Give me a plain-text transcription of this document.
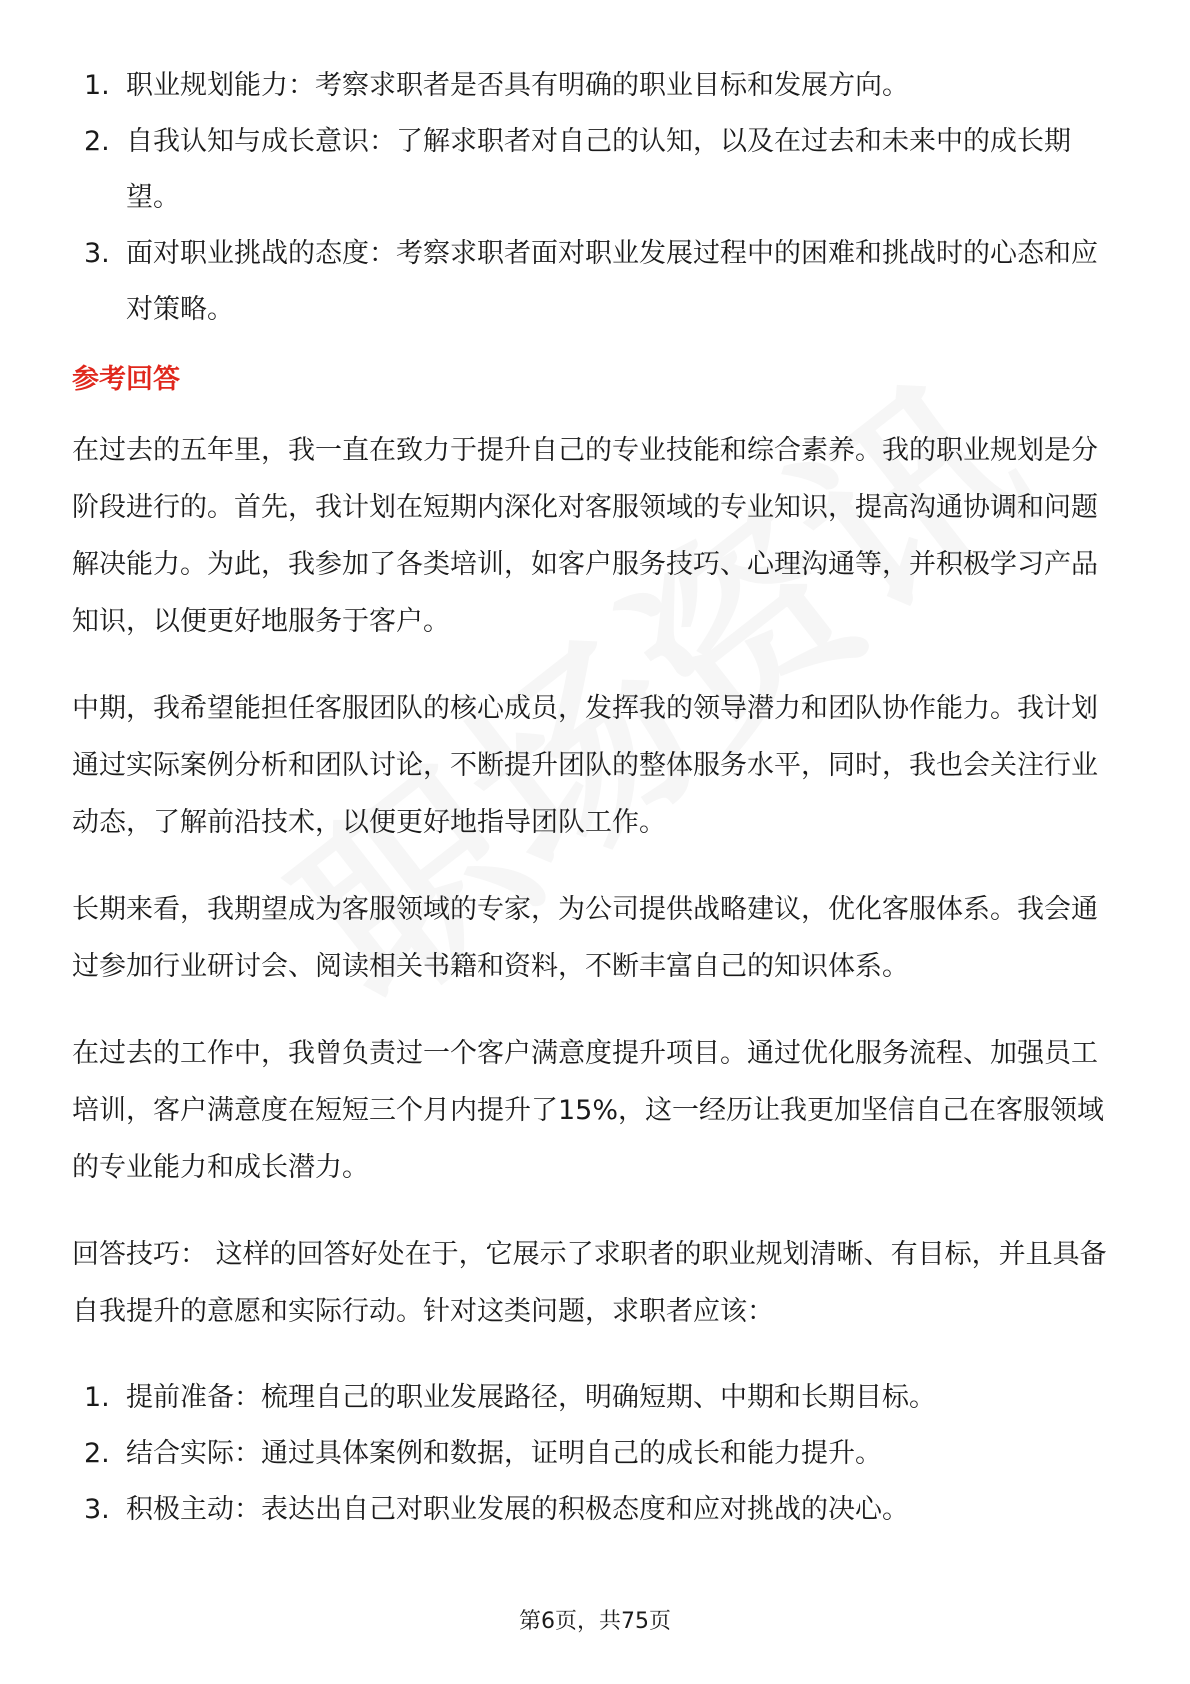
1. 职业规划能力：考察求职者是否具有明确的职业目标和发展方向。
2. 自我认知与成长意识：了解求职者对自己的认知，以及在过去和未来中的成长期望。
3. 面对职业挑战的态度：考察求职者面对职业发展过程中的困难和挑战时的心态和应对策略。
参考回答

在过去的五年里，我一直在致力于提升自己的专业技能和综合素养。我的职业规划是分阶段进行的。首先，我计划在短期内深化对客服领域的专业知识，提高沟通协调和问题解决能力。为此，我参加了各类培训，如客户服务技巧、心理沟通等，并积极学习产品知识，以便更好地服务于客户。

中期，我希望能担任客服团队的核心成员，发挥我的领导潜力和团队协作能力。我计划通过实际案例分析和团队讨论，不断提升团队的整体服务水平，同时，我也会关注行业动态，了解前沿技术，以便更好地指导团队工作。

长期来看，我期望成为客服领域的专家，为公司提供战略建议，优化客服体系。我会通过参加行业研讨会、阅读相关书籍和资料，不断丰富自己的知识体系。

在过去的工作中，我曾负责过一个客户满意度提升项目。通过优化服务流程、加强员工培训，客户满意度在短短三个月内提升了15%，这一经历让我更加坚信自己在客服领域的专业能力和成长潜力。

回答技巧： 这样的回答好处在于，它展示了求职者的职业规划清晰、有目标，并且具备自我提升的意愿和实际行动。针对这类问题，求职者应该：

1. 提前准备：梳理自己的职业发展路径，明确短期、中期和长期目标。
2. 结合实际：通过具体案例和数据，证明自己的成长和能力提升。
3. 积极主动：表达出自己对职业发展的积极态度和应对挑战的决心。
第6页，共75页
